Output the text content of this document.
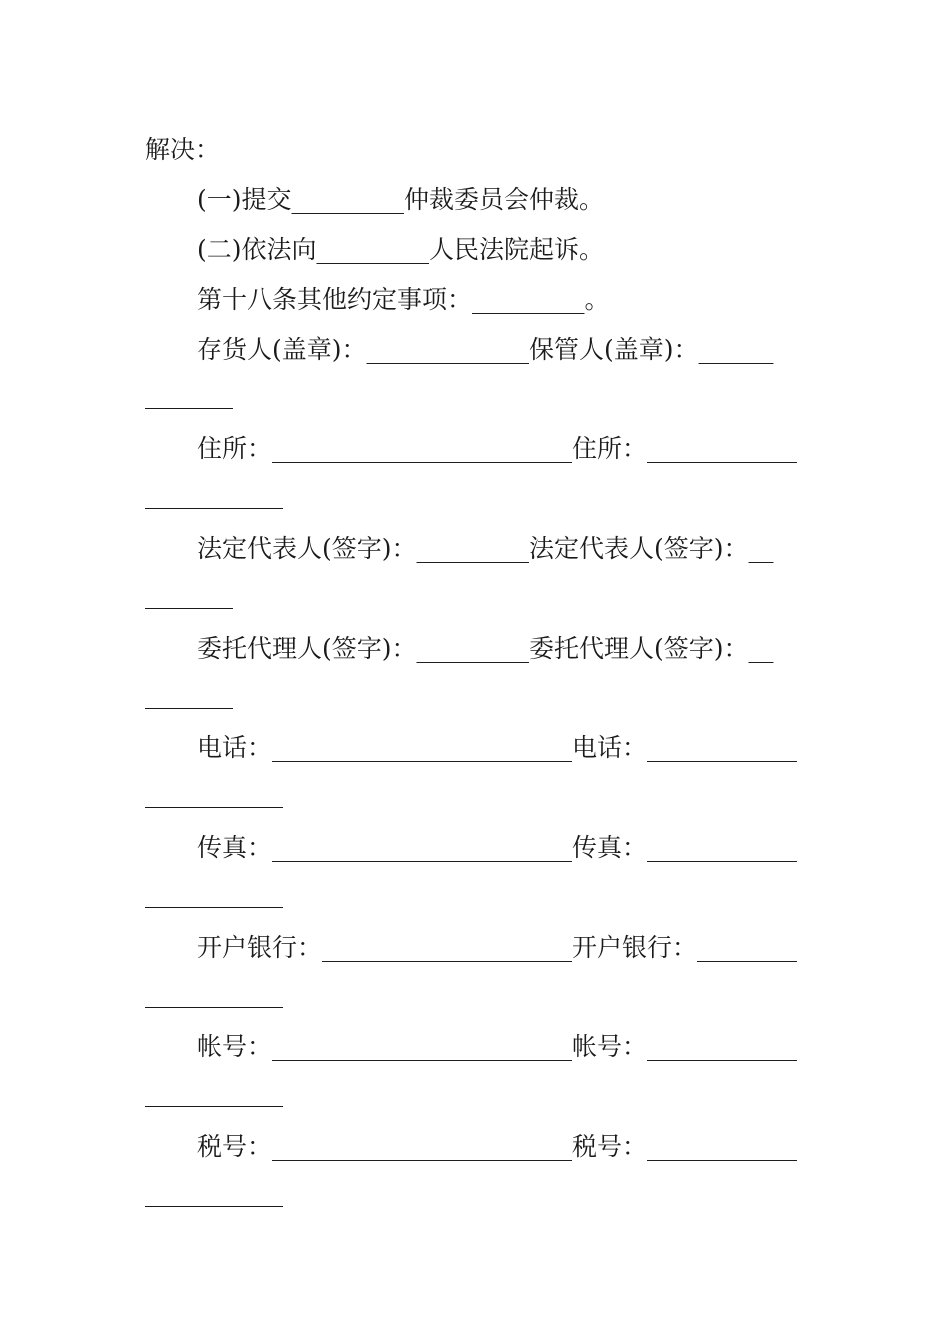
解决：

(一)提交_________仲裁委员会仲裁。

(二)依法向_________人民法院起诉。

第十八条其他约定事项：_________。

存货人(盖章)：_____________保管人(盖章)：______

住所：________________________住所：____________

法定代表人(签字)：_________法定代表人(签字)：__

委托代理人(签字)：_________委托代理人(签字)：__

电话：________________________电话：____________

传真：________________________传真：____________

开户银行：____________________开户银行：________

帐号：________________________帐号：____________

税号：________________________税号：____________
